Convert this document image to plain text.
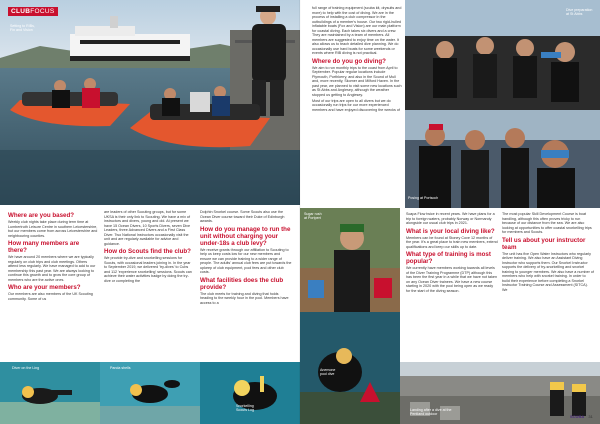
CLUBFOCUS
Setting to RIBs,
Fin and Vision
Where are you based?

Weekly club nights take place during term time at Lumbertruth Leisure Centre in southern Leicestershire, but our members come from across Leicestershire and neighbouring counties.

How many members are there?

We have around 20 members where we are typically regularly on club trips and club meetings. Others attend less regularly. We have managed to add to our membership this past year. We are always looking to continue this growth and to grow the core group of members who are the active ones.

Who are your members?

Our members are also members of the UK Scouting community. Some of us

are leaders of other Scouting groups, but for some UKSA is their only link to Scouting. We have a mix of instructors and divers, young and old. At present we have 15 Ocean Divers, 10 Sports Divers, seven Dive Leaders, three Advanced Divers and a First Class Diver. Two National Instructors occasionally visit the unit and are regularly available for advice and guidance.

How do Scouts find the club?

We provide try-dive and snorkelling sessions for Scouts, with occasional leaders joining in. In the year to September 2019, we delivered 'try-dives' to Cubs and 112 'experience snorkelling' sessions. Scouts can achieve their water activities badge by doing the try-dive or completing the

Dolphin Snorkel course. Some Scouts also use the Ocean Diver course toward their Duke of Edinburgh awards.

How do you manage to run the unit without charging your under-18s a club levy?

We receive grants through our affiliation to Scouting to help us keep costs low for our new members and ensure we can provide training to a wider range of people. The adults' annual club fees are put towards the upkeep of club equipment, pool fees and other club costs.

What facilities does the club provide?

The club meets for training and diving that holds heading to the weekly hour in the pool. Members have access to a

Diver on the Ling	Panda shells
Snorkelling
Scouts Log

full range of training equipment (scuba kit, drysuits and more) to help with the cost of diving. We are in the process of installing a club compressor in the outbuildings of a member's house. Our two rigid-hulled inflatable boats (Fox and Vision) are our main platform for coastal diving. Each takes six divers and a crew. They are maintained by a team of members. All members are suggested to enjoy time on the water. It also allows us to teach detailed dive planning. We do occasionally use hard boats for some weekends or events where RIB diving is not practical.

Where do you go diving?

We aim to run monthly trips to the coast from April to September. Popular regular locations include Plymouth, Porthkerry, and also in the Sound of Mull and, more recently, Skomer and Milford Haven. In the past year, we planned to visit some new locations such as St Abbs and Anglesey, although the weather stopped us getting to Anglesey.

Most of our trips are open to all divers but we do occasionally run trips for our more experienced members and have enjoyed discovering the wrecks of

Dive preparation
at St Abbs
Posing at Portsoch
Sugar rush
at Portpert

Scapa Flow twice in recent years. We have plans for a trip to foreign waters, probably Norway or Normandy alongside our usual club trips in 2021.

What is your local diving like?

Members can be found at Stoney Cove 12 months of the year. It's a great place to train new members, extend qualifications and keep our skills up to date.

What type of training is most popular?

We currently have members working towards all levels of the Diver Training Programme (DTP) although this has been the first year in a while that we have not taken on any Ocean Diver trainees. We have a new course starting in 2020 with the pool being open as we ready for the start of the diving season.

The most popular Skill Development Course is boat handling, although this often proves tricky to run because of our distance from the sea. We are also looking at opportunities to offer coastal snorkelling trips for members and Scouts.

Tell us about your instructor team

The unit has five Open Water Instructors who regularly deliver training. We also have an Assistant Diving Instructor who supports them. Our Snorkel Instructor supports the delivery of try-snorkelling and snorkel training to younger members. We also have a number of members who help with snorkel training. In order to build their experience before completing a Snorkel Instructor Training Course and Assessment (SITCA). We

Anemone
pool dive
Landing after a dive at the
Pentland outdoor	SCUBA 31
